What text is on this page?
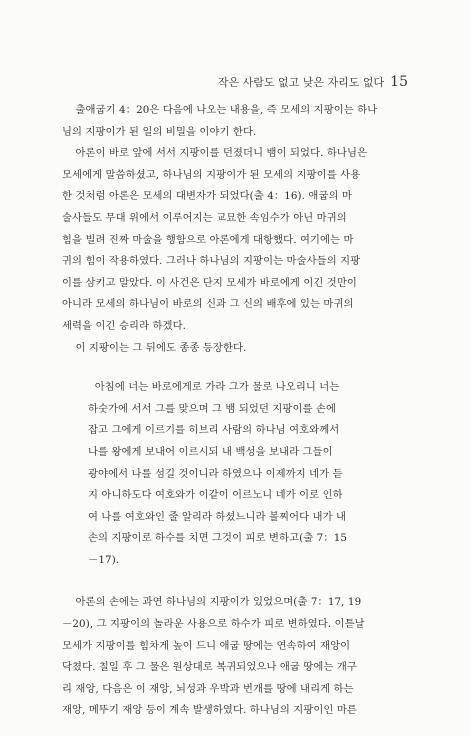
작은 사람도 없고 낮은 자리도 없다 15
출애굽기 4：20은 다음에 나오는 내용을, 즉 모세의 지팡이는 하나
님의 지팡이가 된 일의 비밀을 이야기 한다.
아론이 바로 앞에 서서 지팡이를 던졌더니 뱀이 되었다. 하나님은
모세에게 말씀하셨고, 하나님의 지팡이가 된 모세의 지팡이를 사용
한 것처럼 아론은 모세의 대변자가 되었다(출 4：16). 애굽의 마
술사들도 무대 위에서 이루어지는 교묘한 속임수가 아닌 마귀의
힘을 빌려 진짜 마술을 행함으로 아론에게 대항했다. 여기에는 마
귀의 힘이 작용하였다. 그러나 하나님의 지팡이는 마술사들의 지팡
이를 삼키고 말았다. 이 사건은 단지 모세가 바로에게 이긴 것만이
아니라 모세의 하나님이 바로의 신과 그 신의 배후에 있는 마귀의
세력을 이긴 승리라 하겠다.
이 지팡이는 그 뒤에도 종종 등장한다.
아침에 너는 바로에게로 가라 그가 물로 나오리니 너는
하숫가에 서서 그를 맞으며 그 뱀 되었던 지팡이를 손에
잡고 그에게 이르기를 히브리 사람의 하나님 여호와께서
나를 왕에게 보내어 이르시되 내 백성을 보내라 그들이
광야에서 나를 섬길 것이니라 하였으나 이제까지 네가 듣
지 아니하도다 여호와가 이같이 이르노니 네가 이로 인하
여 나를 여호와인 줄 알리라 하셨느니라 볼찌어다 내가 내
손의 지팡이로 하수를 치면 그것이 피로 변하고(출 7：15
－17).
아론의 손에는 과연 하나님의 지팡이가 있었으며(출 7：17, 19
－20), 그 지팡이의 놀라운 사용으로 하수가 피로 변하였다. 이튿날
모세가 지팡이를 힘차게 높이 드니 애굽 땅에는 연속하여 재앙이
닥쳤다. 칠일 후 그 물은 원상대로 복귀되었으나 애굽 땅에는 개구
리 재앙, 다음은 이 재앙, 뇌성과 우박과 번개를 땅에 내리게 하는
재앙, 메뚜기 재앙 등이 계속 발생하였다. 하나님의 지팡이인 마른
